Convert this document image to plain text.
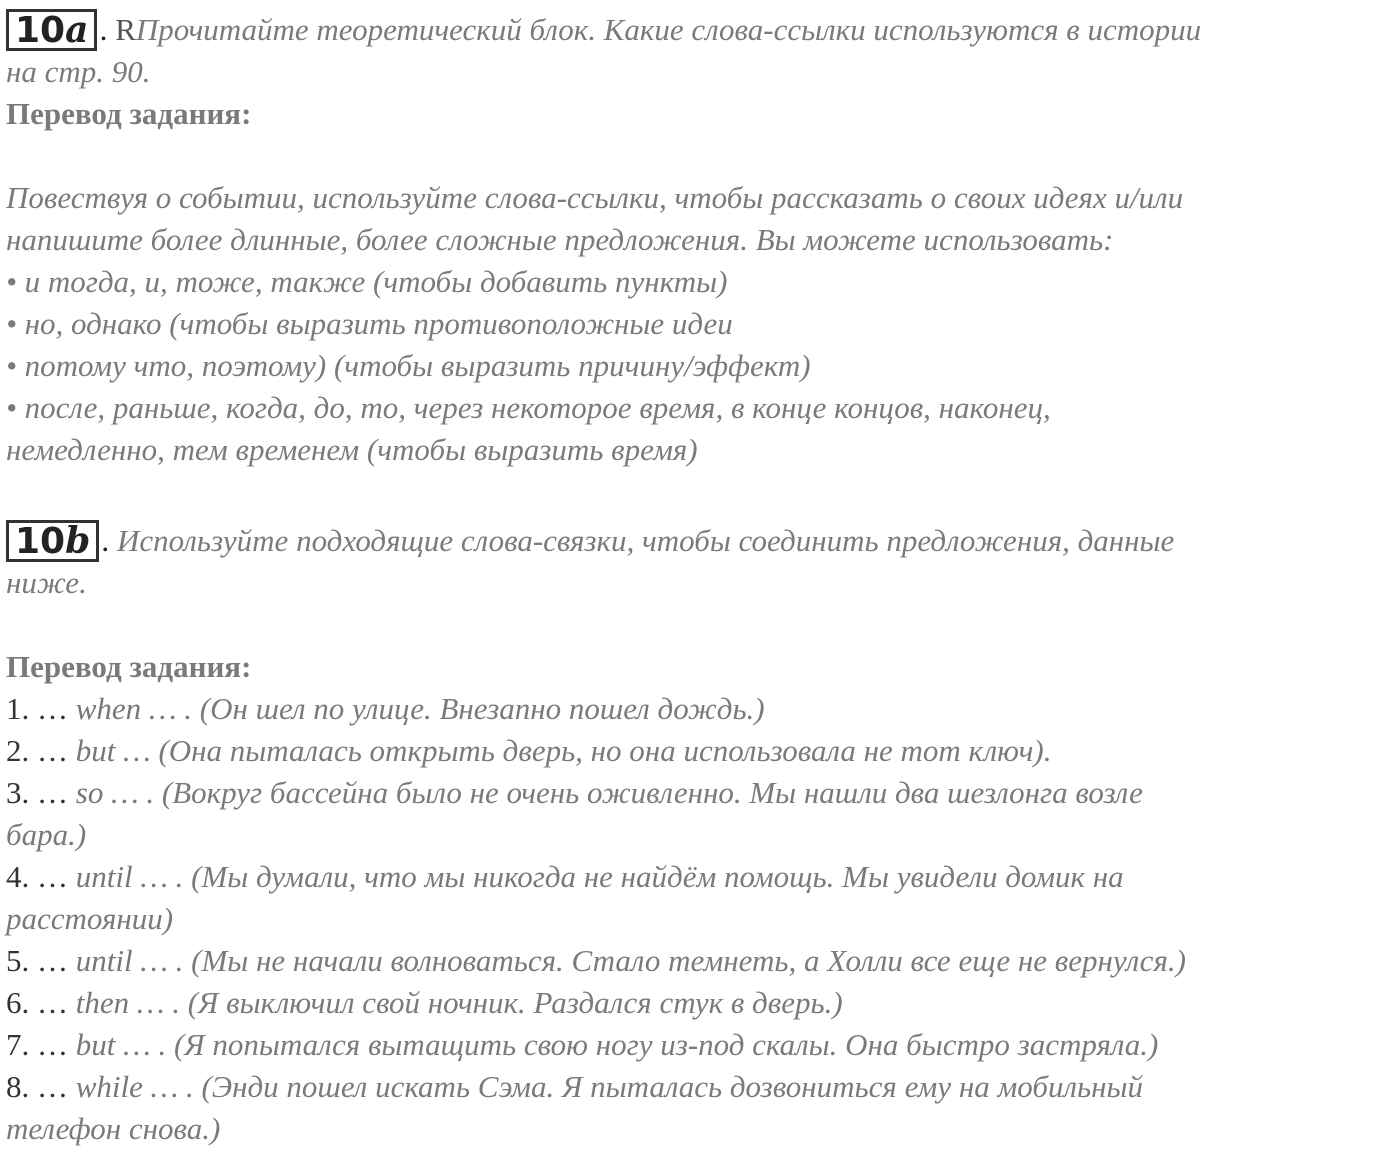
10a . RПрочитайте теоретический блок. Какие слова-ссылки используются в истории
на стр. 90.
Перевод задания:
Повествуя о событии, используйте слова-ссылки, чтобы рассказать о своих идеях и/или
напишите более длинные, более сложные предложения. Вы можете использовать:
• и тогда, и, тоже, также (чтобы добавить пункты)
• но, однако (чтобы выразить противоположные идеи
• потому что, поэтому) (чтобы выразить причину/эффект)
• после, раньше, когда, до, то, через некоторое время, в конце концов, наконец,
немедленно, тем временем (чтобы выразить время)
10b . Используйте подходящие слова-связки, чтобы соединить предложения, данные
ниже.
Перевод задания:
1. … when … . (Он шел по улице. Внезапно пошел дождь.)
2. … but … (Она пыталась открыть дверь, но она использовала не тот ключ).
3. … so … . (Вокруг бассейна было не очень оживленно. Мы нашли два шезлонга возле
бара.)
4. … until … . (Мы думали, что мы никогда не найдём помощь. Мы увидели домик на
расстоянии)
5. … until … . (Мы не начали волноваться. Стало темнеть, а Холли все еще не вернулся.)
6. … then … . (Я выключил свой ночник. Раздался стук в дверь.)
7. … but … . (Я попытался вытащить свою ногу из-под скалы. Она быстро застряла.)
8. … while … . (Энди пошел искать Сэма. Я пыталась дозвониться ему на мобильный
телефон снова.)
